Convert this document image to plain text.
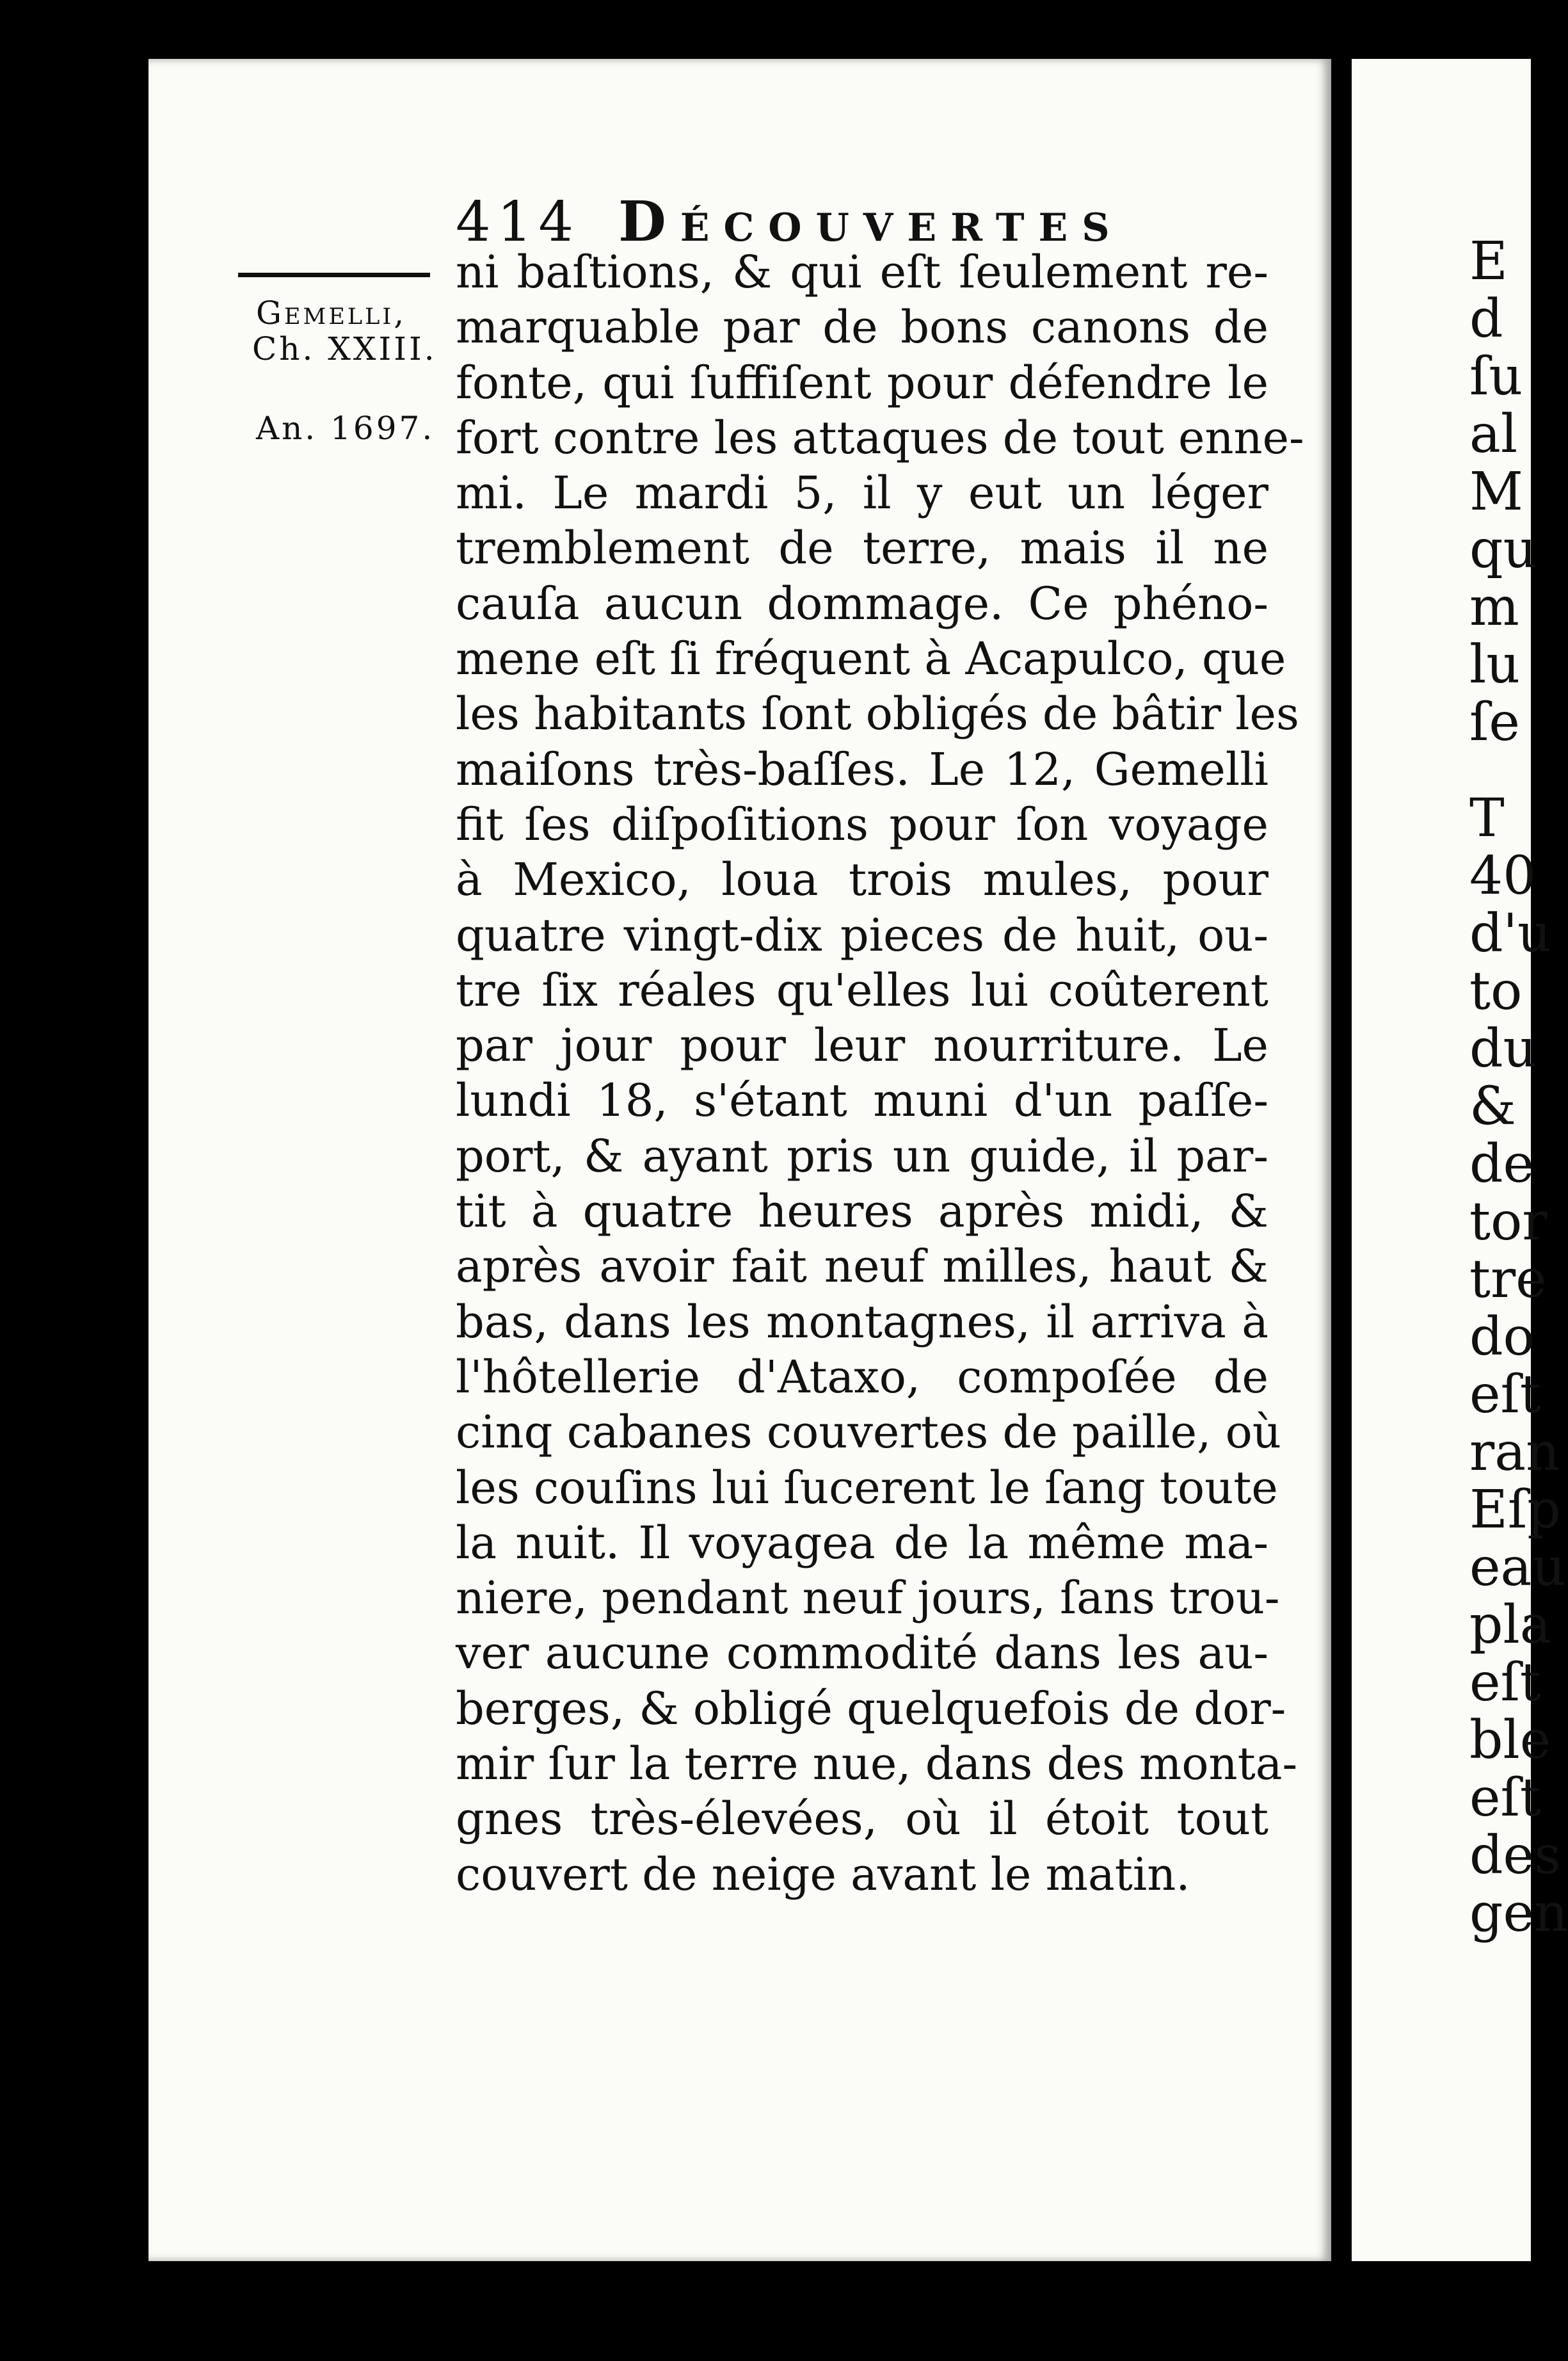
E
d
ſu
al
M
qu
m
lu
ſe
T
40
d'u
to
du
&
de
tor
tre
do
eſt
ran
Eſp
eau
pla
eſt
ble
eſt
des
gen
414 Découvertes
Gemelli,
Ch. XXIII.
An. 1697.
ni baſtions, & qui eſt ſeulement re-
marquable par de bons canons de
fonte, qui ſuffiſent pour défendre le
fort contre les attaques de tout enne-
mi. Le mardi 5, il y eut un léger
tremblement de terre, mais il ne
cauſa aucun dommage. Ce phéno-
mene eſt ſi fréquent à Acapulco, que
les habitants ſont obligés de bâtir les
maiſons très-baſſes. Le 12, Gemelli
fit ſes diſpoſitions pour ſon voyage
à Mexico, loua trois mules, pour
quatre vingt-dix pieces de huit, ou-
tre ſix réales qu'elles lui coûterent
par jour pour leur nourriture. Le
lundi 18, s'étant muni d'un paſſe-
port, & ayant pris un guide, il par-
tit à quatre heures après midi, &
après avoir fait neuf milles, haut &
bas, dans les montagnes, il arriva à
l'hôtellerie d'Ataxo, compoſée de
cinq cabanes couvertes de paille, où
les couſins lui ſucerent le ſang toute
la nuit. Il voyagea de la même ma-
niere, pendant neuf jours, ſans trou-
ver aucune commodité dans les au-
berges, & obligé quelquefois de dor-
mir ſur la terre nue, dans des monta-
gnes très-élevées, où il étoit tout
couvert de neige avant le matin.
